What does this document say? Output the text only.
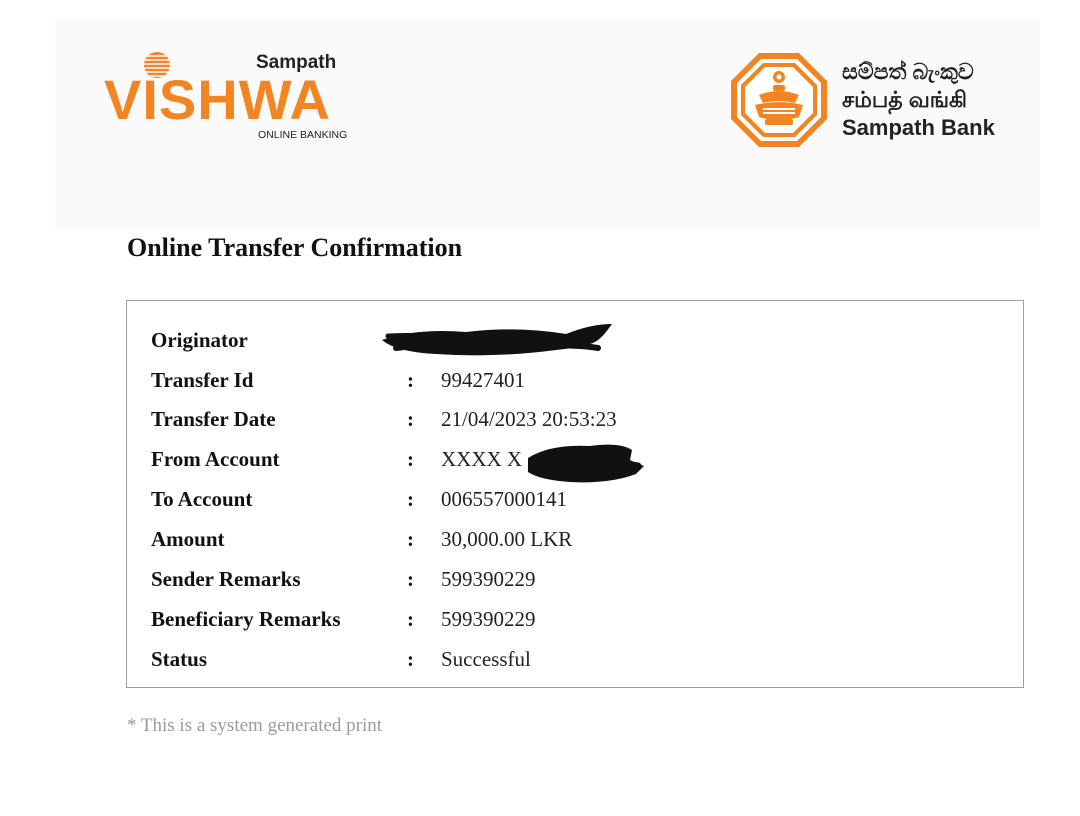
Sampath
VISHWA
ONLINE BANKING
සම්පත් බැංකුව
சம்பத் வங்கி
Sampath Bank
Online Transfer Confirmation
Originator
Transfer Id	: 99427401
Transfer Date	: 21/04/2023 20:53:23
From Account	: XXXX X
To Account	: 006557000141
Amount	: 30,000.00 LKR
Sender Remarks	: 599390229
Beneficiary Remarks	: 599390229
Status	: Successful
* This is a system generated print
